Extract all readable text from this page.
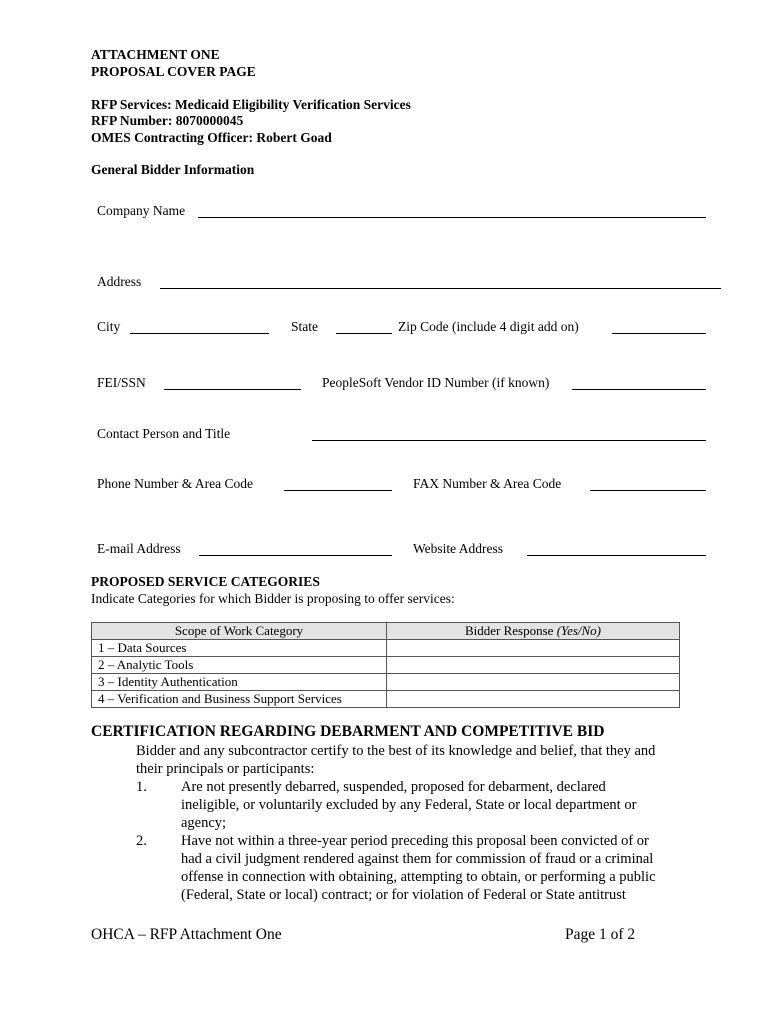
ATTACHMENT ONE
PROPOSAL COVER PAGE
RFP Services: Medicaid Eligibility Verification Services
RFP Number: 8070000045
OMES Contracting Officer: Robert Goad
General Bidder Information
Company Name
Address
City	State	Zip Code (include 4 digit add on)
FEI/SSN	PeopleSoft Vendor ID Number (if known)
Contact Person and Title
Phone Number & Area Code	FAX Number & Area Code
E-mail Address	Website Address
PROPOSED SERVICE CATEGORIES
Indicate Categories for which Bidder is proposing to offer services:
Scope of Work Category	Bidder Response (Yes/No)
1 – Data Sources	
2 – Analytic Tools	
3 – Identity Authentication	
4 – Verification and Business Support Services	
CERTIFICATION REGARDING DEBARMENT AND COMPETITIVE BID
Bidder and any subcontractor certify to the best of its knowledge and belief, that they and
their principals or participants:
1. Are not presently debarred, suspended, proposed for debarment, declared
ineligible, or voluntarily excluded by any Federal, State or local department or
agency;
2. Have not within a three-year period preceding this proposal been convicted of or
had a civil judgment rendered against them for commission of fraud or a criminal
offense in connection with obtaining, attempting to obtain, or performing a public
(Federal, State or local) contract; or for violation of Federal or State antitrust
OHCA – RFP Attachment One	Page 1 of 2
